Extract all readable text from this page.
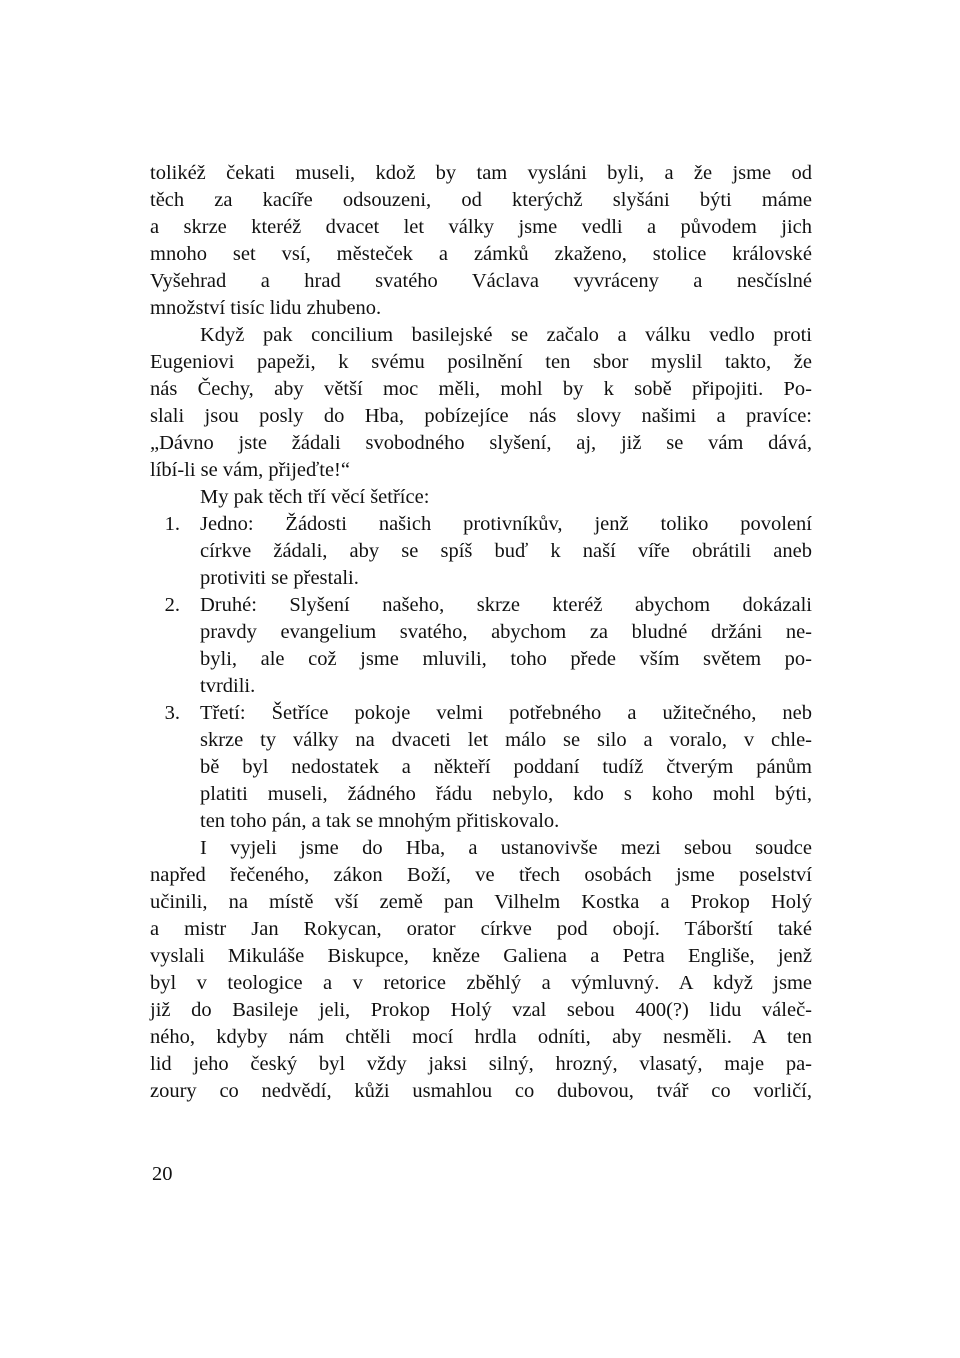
tolikéž čekati museli, kdož by tam vysláni byli, a že jsme od
těch za kacíře odsouzeni, od kterýchž slyšáni býti máme
a skrze kteréž dvacet let války jsme vedli a původem jich
mnoho set vsí, městeček a zámků zkaženo, stolice královské
Vyšehrad a hrad svatého Václava vyvráceny a nesčíslné
množství tisíc lidu zhubeno.
Když pak concilium basilejské se začalo a válku vedlo proti
Eugeniovi papeži, k svému posilnění ten sbor myslil takto, že
nás Čechy, aby větší moc měli, mohl by k sobě připojiti. Po-
slali jsou posly do Hba, pobízejíce nás slovy našimi a pravíce:
„Dávno jste žádali svobodného slyšení, aj, již se vám dává,
líbí-li se vám, přijeďte!“
My pak těch tří věcí šetříce:
1. Jedno: Žádosti našich protivníkův, jenž toliko povolení
církve žádali, aby se spíš buď k naší víře obrátili aneb
protiviti se přestali.
2. Druhé: Slyšení našeho, skrze kteréž abychom dokázali
pravdy evangelium svatého, abychom za bludné držáni ne-
byli, ale což jsme mluvili, toho přede vším světem po-
tvrdili.
3. Třetí: Šetříce pokoje velmi potřebného a užitečného, neb
skrze ty války na dvaceti let málo se silo a voralo, v chle-
bě byl nedostatek a někteří poddaní tudíž čtverým pánům
platiti museli, žádného řádu nebylo, kdo s koho mohl býti,
ten toho pán, a tak se mnohým přitiskovalo.
I vyjeli jsme do Hba, a ustanovivše mezi sebou soudce
napřed řečeného, zákon Boží, ve třech osobách jsme poselství
učinili, na místě vší země pan Vilhelm Kostka a Prokop Holý
a mistr Jan Rokycan, orator církve pod obojí. Táborští také
vyslali Mikuláše Biskupce, kněze Galiena a Petra Engliše, jenž
byl v teologice a v retorice zběhlý a výmluvný. A když jsme
již do Basileje jeli, Prokop Holý vzal sebou 400(?) lidu váleč-
ného, kdyby nám chtěli mocí hrdla odníti, aby nesměli. A ten
lid jeho český byl vždy jaksi silný, hrozný, vlasatý, maje pa-
zoury co nedvědí, kůži usmahlou co dubovou, tvář co vorličí,
20
